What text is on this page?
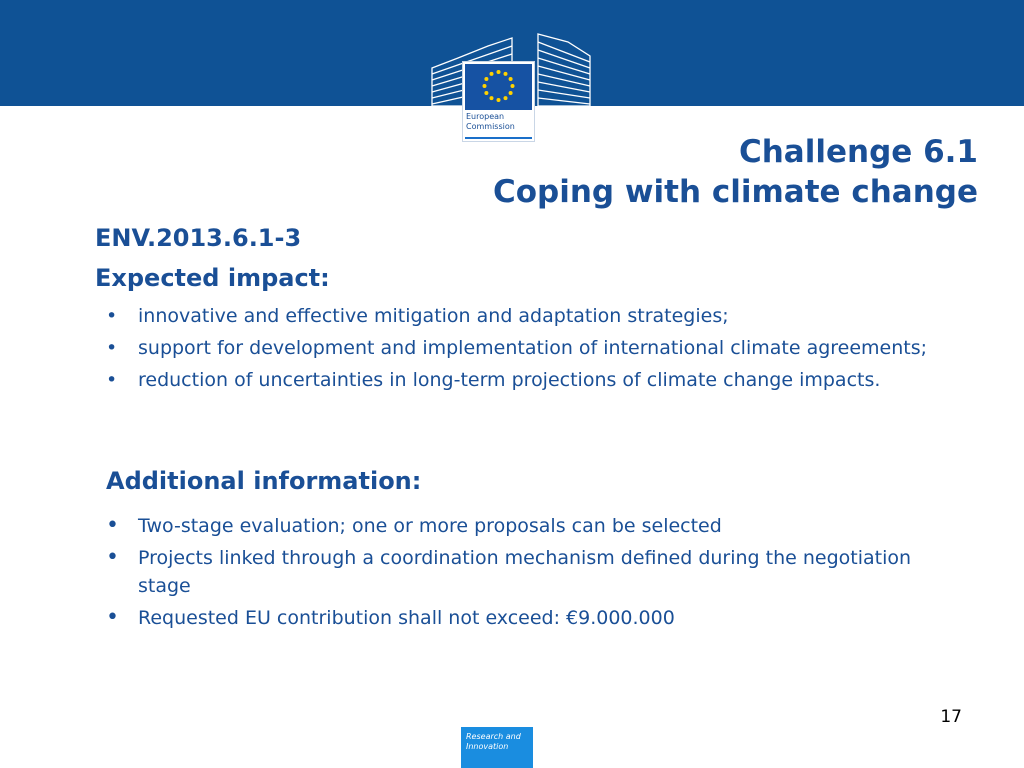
European
Commission
Challenge 6.1
Coping with climate change
ENV.2013.6.1-3
Expected impact:
•	innovative and effective mitigation and adaptation strategies;
•	support for development and implementation of international climate agreements;
•	reduction of uncertainties in long-term projections of climate change impacts.
Additional information:
•	Two-stage evaluation; one or more proposals can be selected
•	Projects linked through a coordination mechanism defined during the negotiation stage
•	Requested EU contribution shall not exceed: €9.000.000
17
Research and
Innovation
